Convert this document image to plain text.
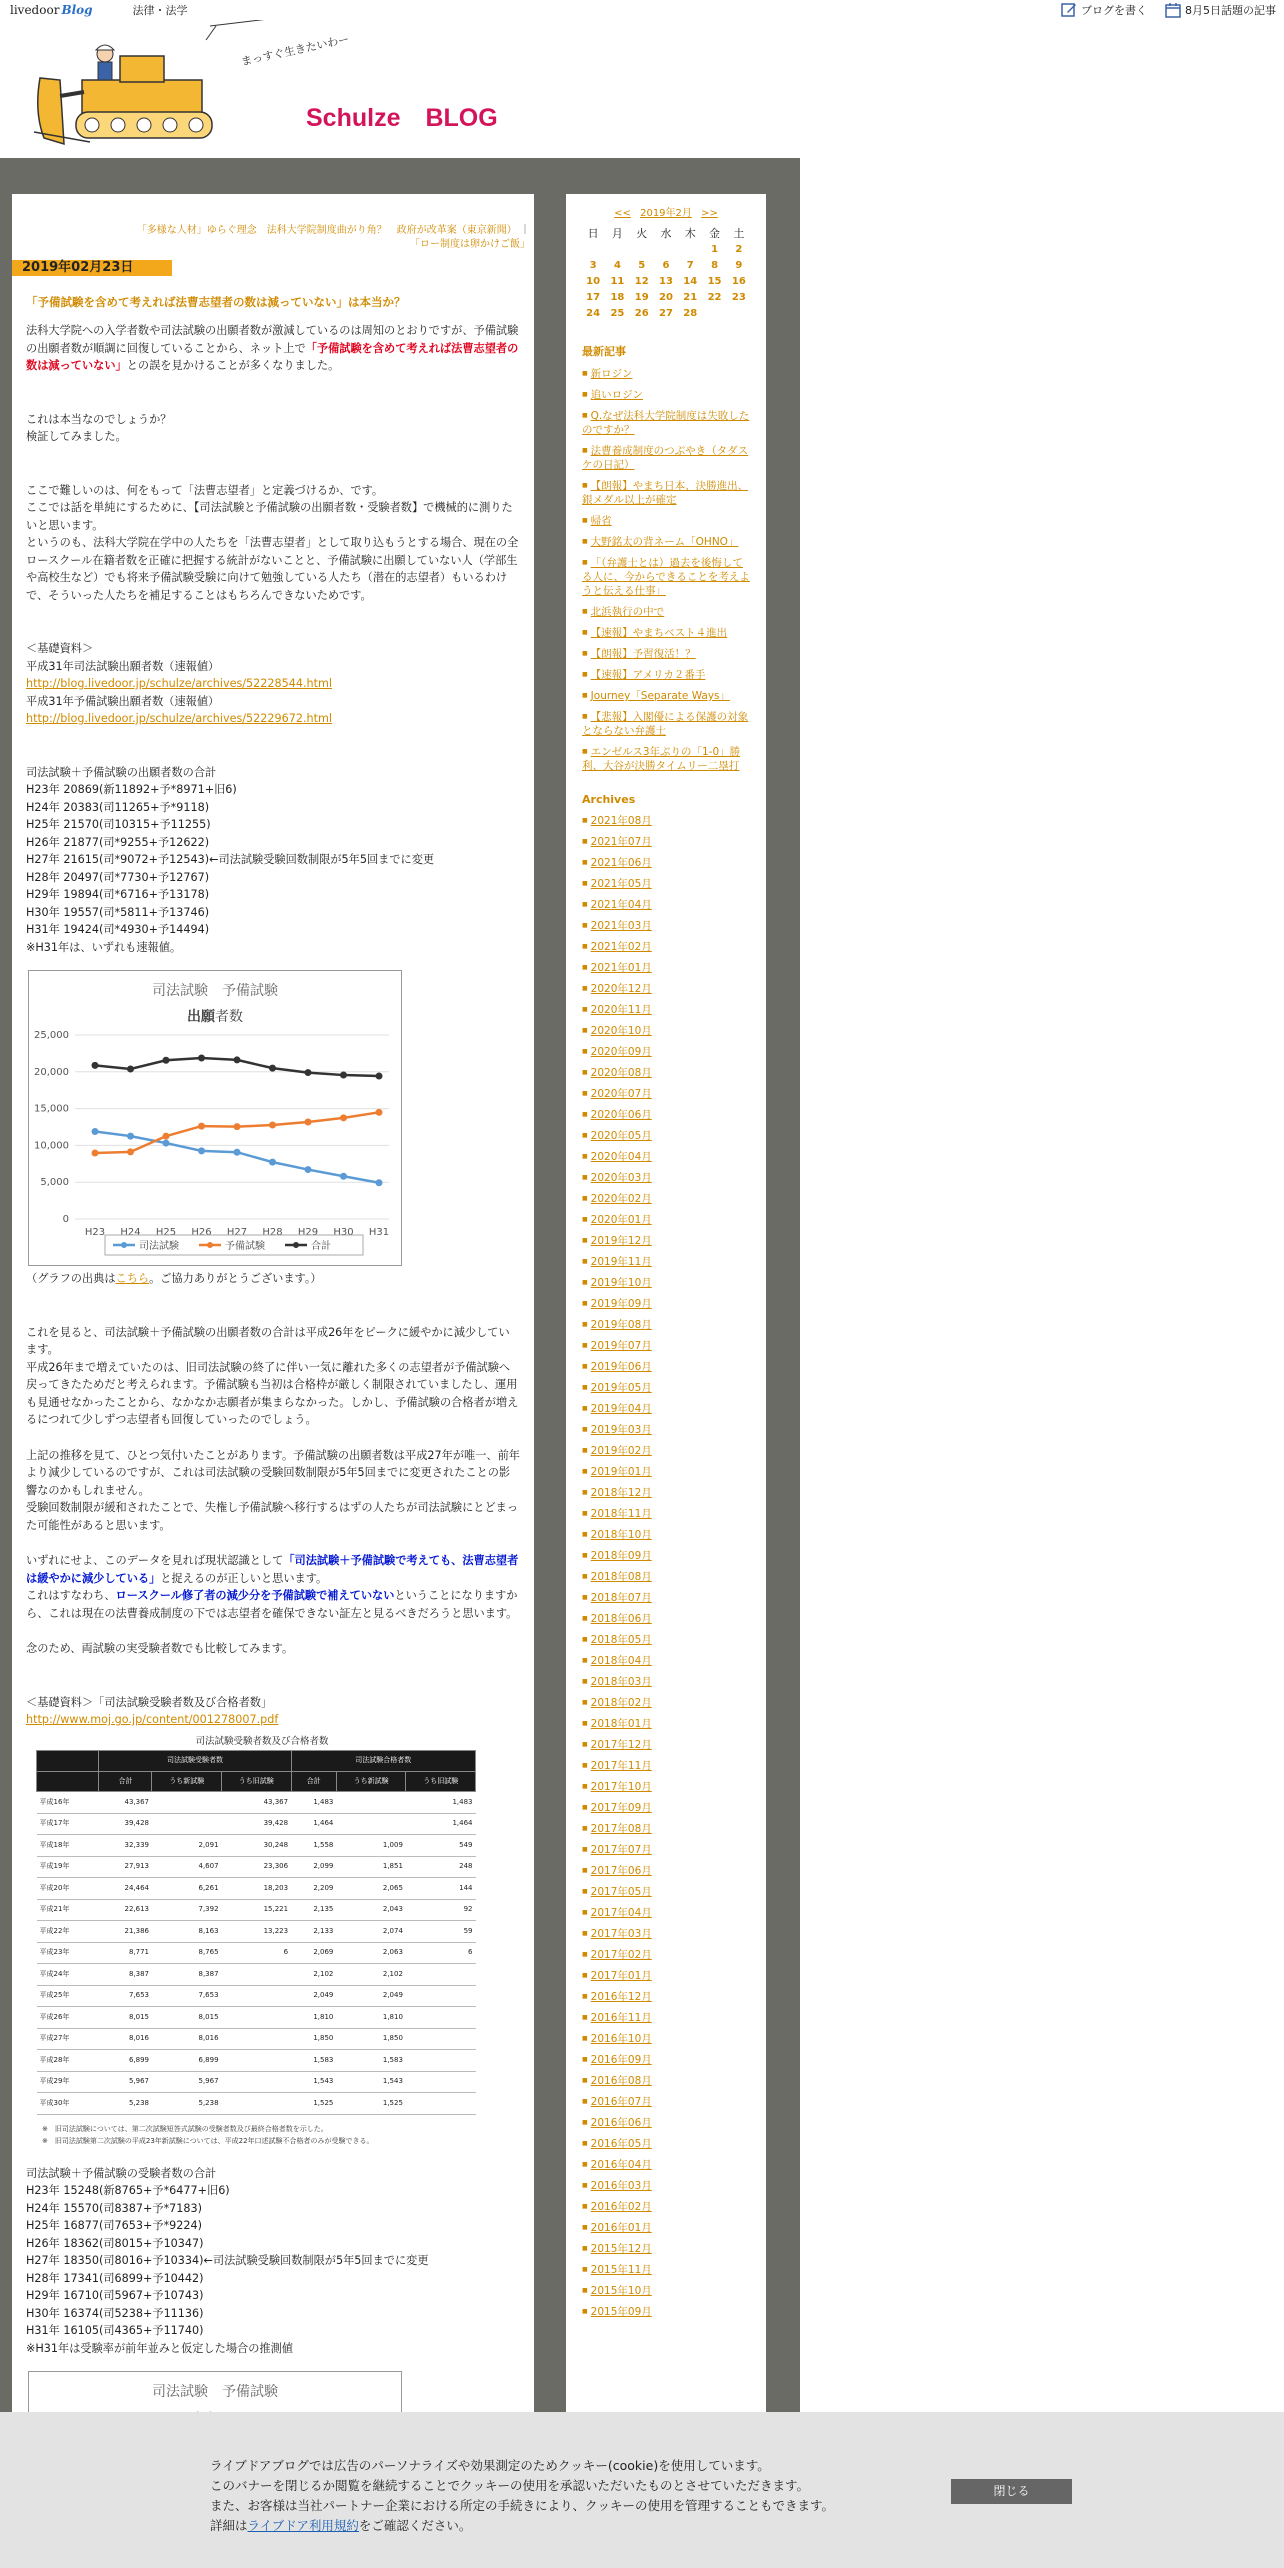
livedoor Blog	法律・法学	ブログを書く	8月5日話題の記事
まっすぐ生きたいわー
Schulze　BLOG
「多様な人材」ゆらぐ理念　法科大学院制度曲がり角？　政府が改革案（東京新聞） ｜ 「ロー制度は卵かけご飯」
2019年02月23日
「予備試験を含めて考えれば法曹志望者の数は減っていない」は本当か？

法科大学院への入学者数や司法試験の出願者数が激減しているのは周知のとおりですが、予備試験の出願者数が順調に回復していることから、ネット上で「予備試験を含めて考えれば法曹志望者の数は減っていない」との誤を見かけることが多くなりました。

これは本当なのでしょうか？

検証してみました。

ここで難しいのは、何をもって「法曹志望者」と定義づけるか、です。

ここでは話を単純にするために、【司法試験と予備試験の出願者数・受験者数】で機械的に測りたいと思います。

というのも、法科大学院在学中の人たちを「法曹志望者」として取り込もうとする場合、現在の全ロースクール在籍者数を正確に把握する統計がないことと、予備試験に出願していない人（学部生や高校生など）でも将来予備試験受験に向けて勉強している人たち（潜在的志望者）もいるわけで、そういった人たちを補足することはもちろんできないためです。

＜基礎資料＞

平成31年司法試験出願者数（速報値）

http://blog.livedoor.jp/schulze/archives/52228544.html

平成31年予備試験出願者数（速報値）

http://blog.livedoor.jp/schulze/archives/52229672.html

司法試験＋予備試験の出願者数の合計

H23年 20869(新11892+予*8971+旧6)

H24年 20383(司11265+予*9118)

H25年 21570(司10315+予11255)

H26年 21877(司*9255+予12622)

H27年 21615(司*9072+予12543)←司法試験受験回数制限が5年5回までに変更

H28年 20497(司*7730+予12767)

H29年 19894(司*6716+予13178)

H30年 19557(司*5811+予13746)

H31年 19424(司*4930+予14494)

※H31年は、いずれも速報値。

司法試験　予備試験
出願者数
0
5,000
10,000
15,000
20,000
25,000
H23 H24 H25 H26 H27 H28 H29 H30 H31
司法試験	予備試験	合計

（グラフの出典はこちら。ご協力ありがとうございます。）

これを見ると、司法試験＋予備試験の出願者数の合計は平成26年をピークに緩やかに減少しています。

平成26年まで増えていたのは、旧司法試験の終了に伴い一気に離れた多くの志望者が予備試験へ戻ってきたためだと考えられます。予備試験も当初は合格枠が厳しく制限されていましたし、運用も見通せなかったことから、なかなか志願者が集まらなかった。しかし、予備試験の合格者が増えるにつれて少しずつ志望者も回復していったのでしょう。

上記の推移を見て、ひとつ気付いたことがあります。予備試験の出願者数は平成27年が唯一、前年より減少しているのですが、これは司法試験の受験回数制限が5年5回までに変更されたことの影響なのかもしれません。

受験回数制限が緩和されたことで、失権し予備試験へ移行するはずの人たちが司法試験にとどまった可能性があると思います。

いずれにせよ、このデータを見れば現状認識として「司法試験＋予備試験で考えても、法曹志望者は緩やかに減少している」と捉えるのが正しいと思います。

これはすなわち、ロースクール修了者の減少分を予備試験で補えていないということになりますから、これは現在の法曹養成制度の下では志望者を確保できない証左と見るべきだろうと思います。

念のため、両試験の実受験者数でも比較してみます。

＜基礎資料＞「司法試験受験者数及び合格者数」

http://www.moj.go.jp/content/001278007.pdf

司法試験受験者数及び合格者数
	司法試験受験者数			司法試験合格者数		
	合計	うち新試験	うち旧試験	合計	うち新試験	うち旧試験
平成16年	43,367		43,367	1,483		1,483
平成17年	39,428		39,428	1,464		1,464
平成18年	32,339	2,091	30,248	1,558	1,009	549
平成19年	27,913	4,607	23,306	2,099	1,851	248
平成20年	24,464	6,261	18,203	2,209	2,065	144
平成21年	22,613	7,392	15,221	2,135	2,043	92
平成22年	21,386	8,163	13,223	2,133	2,074	59
平成23年	8,771	8,765	6	2,069	2,063	6
平成24年	8,387	8,387		2,102	2,102	
平成25年	7,653	7,653		2,049	2,049	
平成26年	8,015	8,015		1,810	1,810	
平成27年	8,016	8,016		1,850	1,850	
平成28年	6,899	6,899		1,583	1,583	
平成29年	5,967	5,967		1,543	1,543	
平成30年	5,238	5,238		1,525	1,525	
※　旧司法試験については、第二次試験短答式試験の受験者数及び最終合格者数を示した。
※　旧司法試験第二次試験の平成23年新試験については、平成22年口述試験不合格者のみが受験できる。

司法試験＋予備試験の受験者数の合計

H23年 15248(新8765+予*6477+旧6)

H24年 15570(司8387+予*7183)

H25年 16877(司7653+予*9224)

H26年 18362(司8015+予10347)

H27年 18350(司8016+予10334)←司法試験受験回数制限が5年5回までに変更

H28年 17341(司6899+予10442)

H29年 16710(司5967+予10743)

H30年 16374(司5238+予11136)

H31年 16105(司4365+予11740)

※H31年は受験率が前年並みと仮定した場合の推測値

司法試験　予備試験
<< 2019年2月 >>
日	月	火	水	木	金	土
					1	2
3	4	5	6	7	8	9
10	11	12	13	14	15	16
17	18	19	20	21	22	23
24	25	26	27	28		
最新記事
■ 新ロジン
■ 追いロジン
■ Q.なぜ法科大学院制度は失敗したのですか？
■ 法曹養成制度のつぶやき（タダスケの日記）
■ 【朗報】やまち日本、決勝進出、銀メダル以上が確定
■ 帰省
■ 大野銘太の背ネーム「OHNO」
■ 「（弁護士とは）過去を後悔してる人に、今からできることを考えようと伝える仕事」
■ 北浜執行の中で
■ 【速報】やまちベスト４進出
■ 【朗報】予習復活！？
■ 【速報】アメリカ２番手
■ Journey「Separate Ways」
■ 【悲報】入閣優による保護の対象とならない弁護士
■ エンゼルス3年ぶりの「1-0」勝利、大谷が決勝タイムリー二塁打
Archives
■ 2021年08月
■ 2021年07月
■ 2021年06月
■ 2021年05月
■ 2021年04月
■ 2021年03月
■ 2021年02月
■ 2021年01月
■ 2020年12月
■ 2020年11月
■ 2020年10月
■ 2020年09月
■ 2020年08月
■ 2020年07月
■ 2020年06月
■ 2020年05月
■ 2020年04月
■ 2020年03月
■ 2020年02月
■ 2020年01月
■ 2019年12月
■ 2019年11月
■ 2019年10月
■ 2019年09月
■ 2019年08月
■ 2019年07月
■ 2019年06月
■ 2019年05月
■ 2019年04月
■ 2019年03月
■ 2019年02月
■ 2019年01月
■ 2018年12月
■ 2018年11月
■ 2018年10月
■ 2018年09月
■ 2018年08月
■ 2018年07月
■ 2018年06月
■ 2018年05月
■ 2018年04月
■ 2018年03月
■ 2018年02月
■ 2018年01月
■ 2017年12月
■ 2017年11月
■ 2017年10月
■ 2017年09月
■ 2017年08月
■ 2017年07月
■ 2017年06月
■ 2017年05月
■ 2017年04月
■ 2017年03月
■ 2017年02月
■ 2017年01月
■ 2016年12月
■ 2016年11月
■ 2016年10月
■ 2016年09月
■ 2016年08月
■ 2016年07月
■ 2016年06月
■ 2016年05月
■ 2016年04月
■ 2016年03月
■ 2016年02月
■ 2016年01月
■ 2015年12月
■ 2015年11月
■ 2015年10月
■ 2015年09月
ライブドアブログでは広告のパーソナライズや効果測定のためクッキー(cookie)を使用しています。
このバナーを閉じるか閲覧を継続することでクッキーの使用を承認いただいたものとさせていただきます。
また、お客様は当社パートナー企業における所定の手続きにより、クッキーの使用を管理することもできます。
詳細はライブドア利用規約をご確認ください。
閉じる
